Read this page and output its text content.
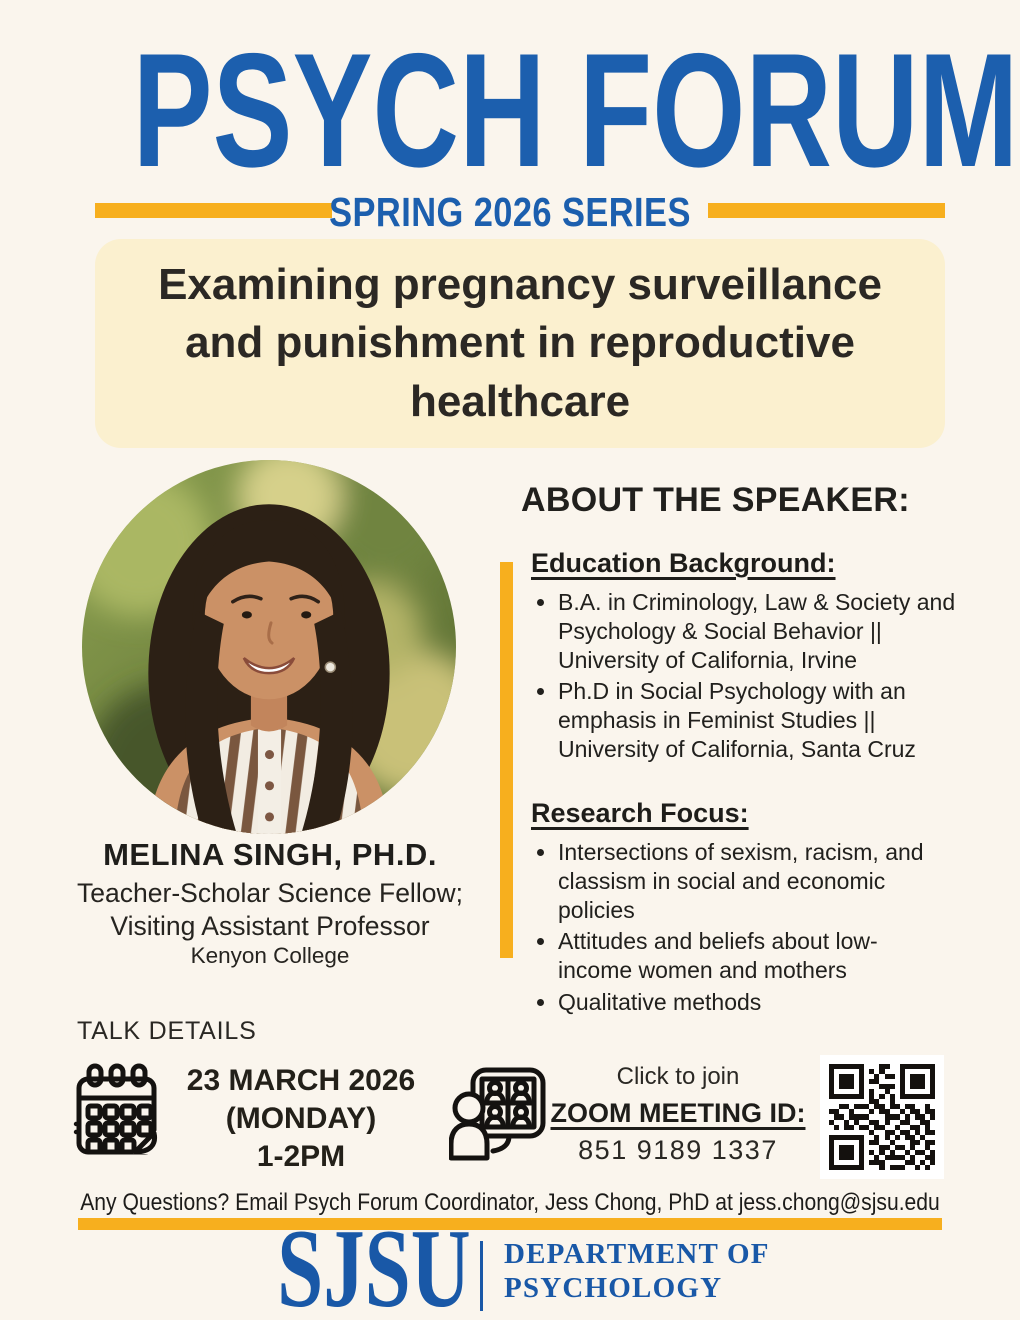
PSYCH FORUM
SPRING 2026 SERIES
Examining pregnancy surveillance and punishment in reproductive healthcare
ABOUT THE SPEAKER:
Education Background:
• B.A. in Criminology, Law & Society and Psychology & Social Behavior || University of California, Irvine
• Ph.D in Social Psychology with an emphasis in Feminist Studies || University of California, Santa Cruz
Research Focus:
• Intersections of sexism, racism, and classism in social and economic policies
• Attitudes and beliefs about low-income women and mothers
• Qualitative methods
MELINA SINGH, PH.D.
Teacher-Scholar Science Fellow;
Visiting Assistant Professor
Kenyon College
TALK DETAILS
23 MARCH 2026
(MONDAY)
1-2PM
Click to join
ZOOM MEETING ID:
851 9189 1337
Any Questions? Email Psych Forum Coordinator, Jess Chong, PhD at jess.chong@sjsu.edu
SJSU DEPARTMENT OF
PSYCHOLOGY
